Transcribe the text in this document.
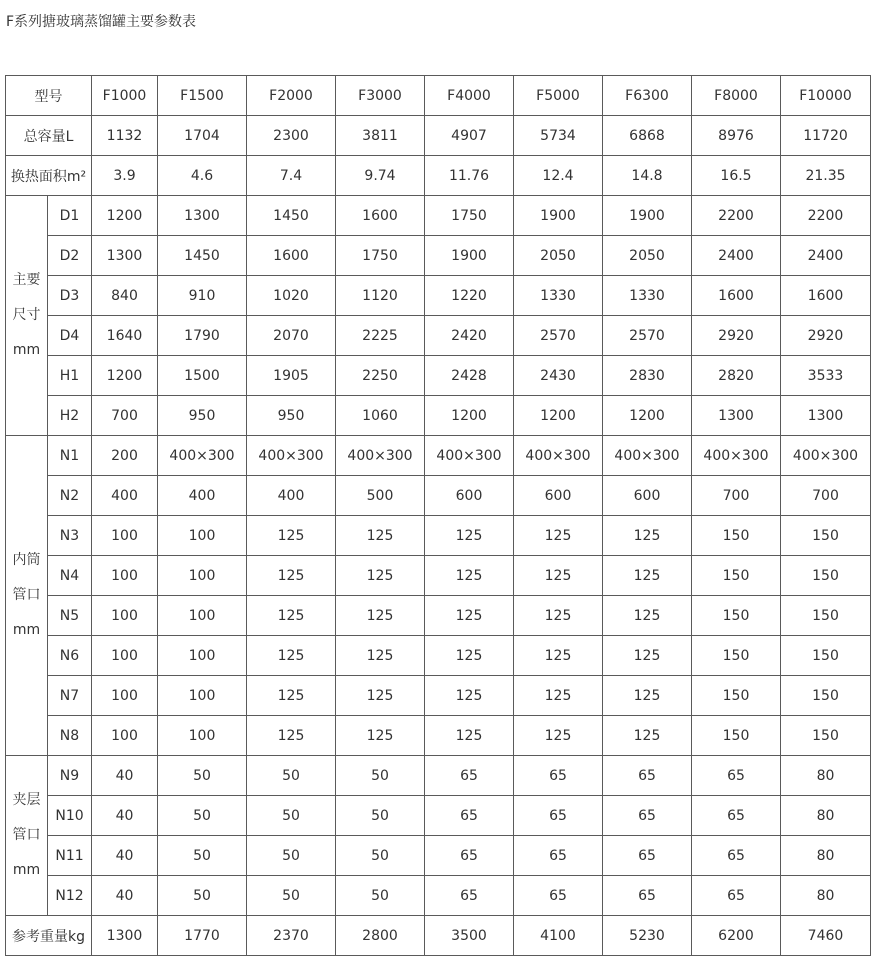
F系列搪玻璃蒸馏罐主要参数表
型号		F1000	F1500	F2000	F3000	F4000	F5000	F6300	F8000	F10000
总容量L		1132	1704	2300	3811	4907	5734	6868	8976	11720
换热面积m²		3.9	4.6	7.4	9.74	11.76	12.4	14.8	16.5	21.35

主要
尺寸
mm	D1	1200	1300	1450	1600	1750	1900	1900	2200	2200
	D2	1300	1450	1600	1750	1900	2050	2050	2400	2400
	D3	840	910	1020	1120	1220	1330	1330	1600	1600
	D4	1640	1790	2070	2225	2420	2570	2570	2920	2920
	H1	1200	1500	1905	2250	2428	2430	2830	2820	3533
	H2	700	950	950	1060	1200	1200	1200	1300	1300

内筒
管口
mm	N1	200	400×300	400×300	400×300	400×300	400×300	400×300	400×300	400×300
	N2	400	400	400	500	600	600	600	700	700
	N3	100	100	125	125	125	125	125	150	150
	N4	100	100	125	125	125	125	125	150	150
	N5	100	100	125	125	125	125	125	150	150
	N6	100	100	125	125	125	125	125	150	150
	N7	100	100	125	125	125	125	125	150	150
	N8	100	100	125	125	125	125	125	150	150

夹层
管口
mm	N9	40	50	50	50	65	65	65	65	80
	N10	40	50	50	50	65	65	65	65	80
	N11	40	50	50	50	65	65	65	65	80
	N12	40	50	50	50	65	65	65	65	80
参考重量kg		1300	1770	2370	2800	3500	4100	5230	6200	7460
